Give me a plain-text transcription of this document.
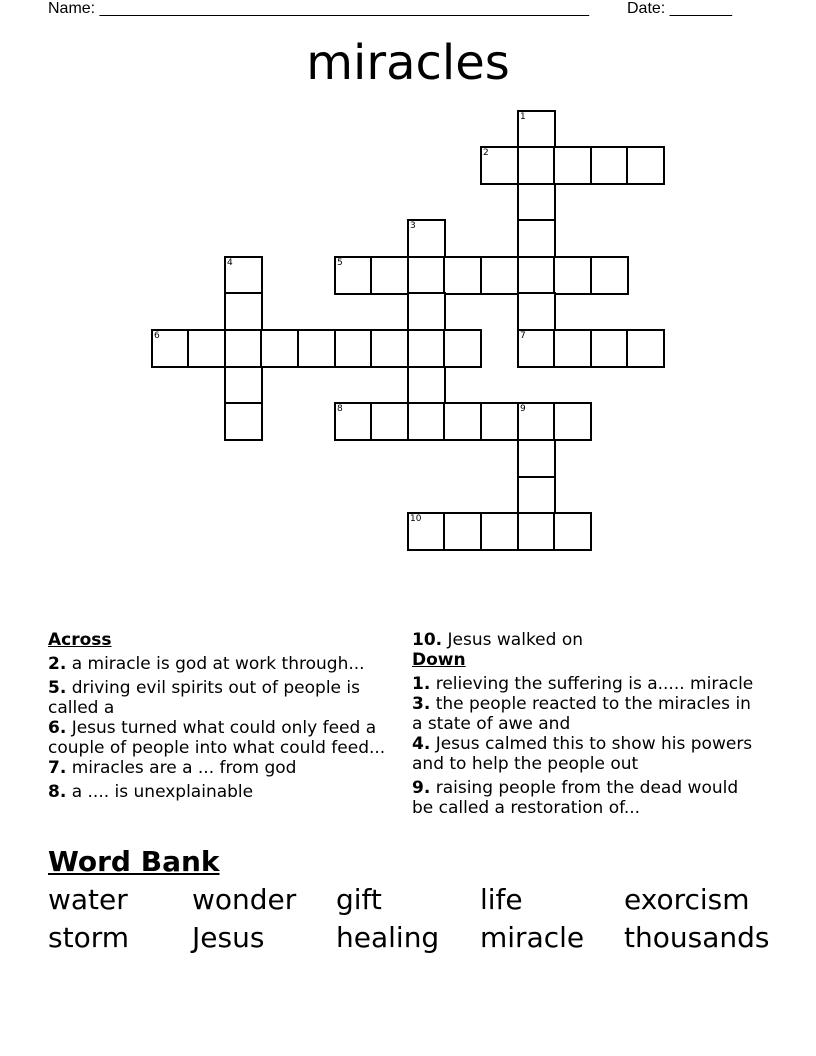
Name: _______________________________________________________ Date: _______
miracles
1
2
3
4	5
6	7
8	9
10
Across

2. a miracle is god at work through...

5. driving evil spirits out of people is called a

6. Jesus turned what could only feed a couple of people into what could feed...

7. miracles are a ... from god

8. a .... is unexplainable

10. Jesus walked on

Down

1. relieving the suffering is a..... miracle

3. the people reacted to the miracles in a state of awe and

4. Jesus calmed this to show his powers and to help the people out

9. raising people from the dead would be called a restoration of...

Word Bank
water wonder gift	life	exorcism
storm Jesus	healing miracle thousands
